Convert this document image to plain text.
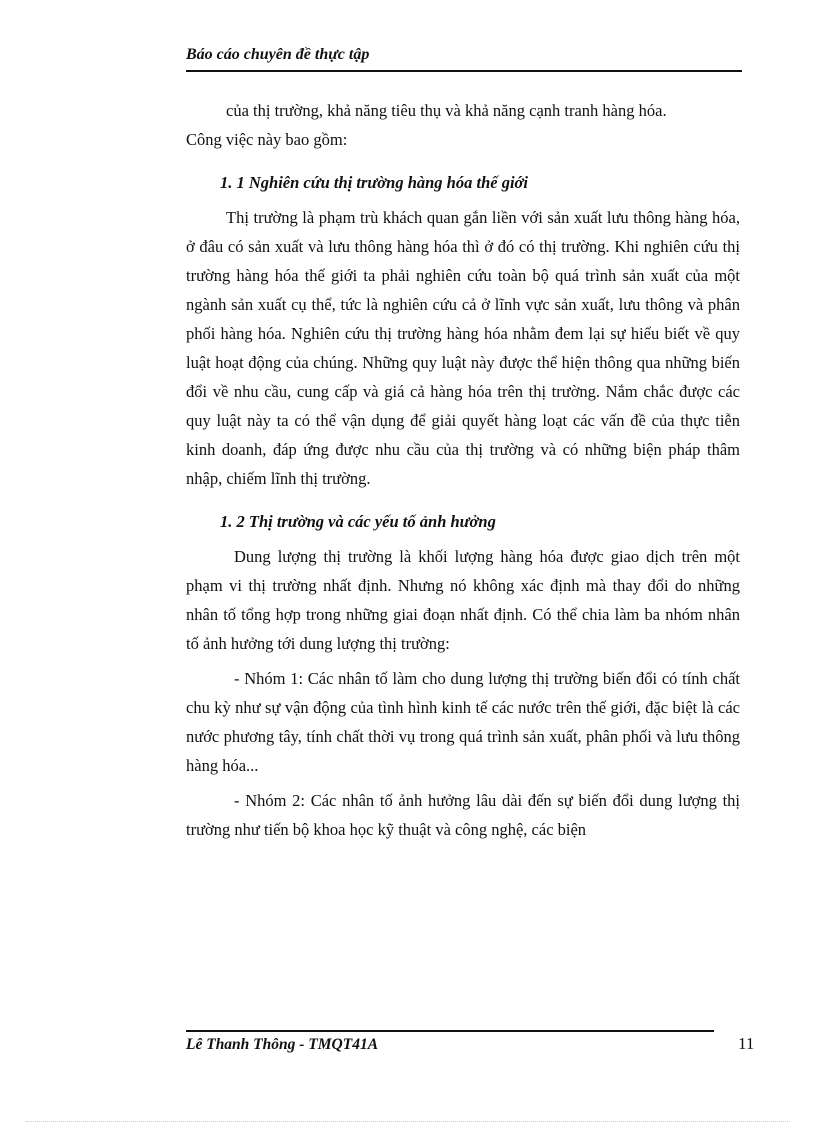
Báo cáo chuyên đề thực tập

của thị trường, khả năng tiêu thụ và khả năng cạnh tranh hàng hóa.

Công việc này bao gồm:

1. 1 Nghiên cứu thị trường hàng hóa thế giới

Thị trường là phạm trù khách quan gắn liền với sản xuất lưu thông hàng hóa, ở đâu có sản xuất và lưu thông hàng hóa thì ở đó có thị trường. Khi nghiên cứu thị trường hàng hóa thế giới ta phải nghiên cứu toàn bộ quá trình sản xuất của một ngành sản xuất cụ thể, tức là nghiên cứu cả ở lĩnh vực sản xuất, lưu thông và phân phối hàng hóa. Nghiên cứu thị trường hàng hóa nhằm đem lại sự hiểu biết về quy luật hoạt động của chúng. Những quy luật này được thể hiện thông qua những biến đổi về nhu cầu, cung cấp và giá cả hàng hóa trên thị trường. Nắm chắc được các quy luật này ta có thể vận dụng để giải quyết hàng loạt các vấn đề của thực tiễn kinh doanh, đáp ứng được nhu cầu của thị trường và có những biện pháp thâm nhập, chiếm lĩnh thị trường.

1. 2 Thị trường và các yếu tố ảnh hưởng

Dung lượng thị trường là khối lượng hàng hóa được giao dịch trên một phạm vi thị trường nhất định. Nhưng nó không xác định mà thay đổi do những nhân tố tổng hợp trong những giai đoạn nhất định. Có thể chia làm ba nhóm nhân tố ảnh hưởng tới dung lượng thị trường:

- Nhóm 1: Các nhân tố làm cho dung lượng thị trường biến đổi có tính chất chu kỳ như sự vận động của tình hình kinh tế các nước trên thế giới, đặc biệt là các nước phương tây, tính chất thời vụ trong quá trình sản xuất, phân phối và lưu thông hàng hóa...

- Nhóm 2: Các nhân tố ảnh hưởng lâu dài đến sự biến đổi dung lượng thị trường như tiến bộ khoa học kỹ thuật và công nghệ, các biện

Lê Thanh Thông - TMQT41A	11
